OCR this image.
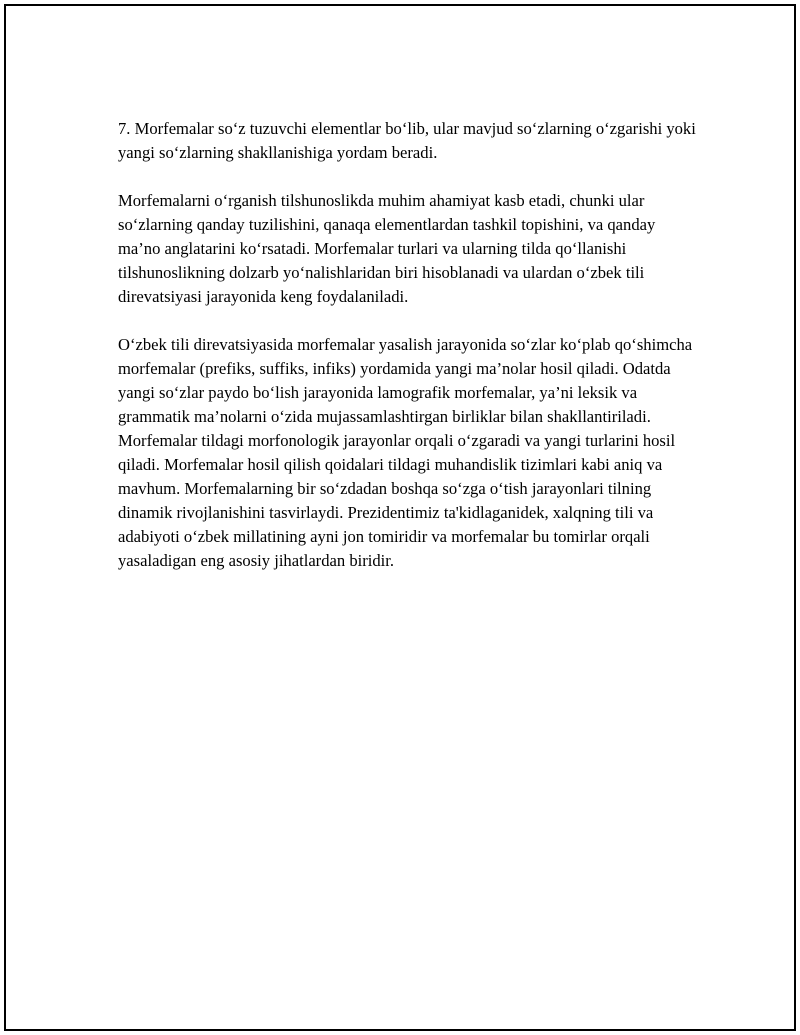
7. Morfemalar so‘z tuzuvchi elementlar bo‘lib, ular mavjud so‘zlarning o‘zgarishi yoki yangi so‘zlarning shakllanishiga yordam beradi.

Morfemalarni o‘rganish tilshunoslikda muhim ahamiyat kasb etadi, chunki ular so‘zlarning qanday tuzilishini, qanaqa elementlardan tashkil topishini, va qanday ma’no anglatarini ko‘rsatadi. Morfemalar turlari va ularning tilda qo‘llanishi tilshunoslikning dolzarb yo‘nalishlaridan biri hisoblanadi va ulardan o‘zbek tili direvatsiyasi jarayonida keng foydalaniladi.

O‘zbek tili direvatsiyasida morfemalar yasalish jarayonida so‘zlar ko‘plab qo‘shimcha morfemalar (prefiks, suffiks, infiks) yordamida yangi ma’nolar hosil qiladi. Odatda yangi so‘zlar paydo bo‘lish jarayonida lamografik morfemalar, ya’ni leksik va grammatik ma’nolarni o‘zida mujassamlashtirgan birliklar bilan shakllantiriladi. Morfemalar tildagi morfonologik jarayonlar orqali o‘zgaradi va yangi turlarini hosil qiladi. Morfemalar hosil qilish qoidalari tildagi muhandislik tizimlari kabi aniq va mavhum. Morfemalarning bir so‘zdadan boshqa so‘zga o‘tish jarayonlari tilning dinamik rivojlanishini tasvirlaydi. Prezidentimiz ta'kidlaganidek, xalqning tili va adabiyoti o‘zbek millatining ayni jon tomiridir va morfemalar bu tomirlar orqali yasaladigan eng asosiy jihatlardan biridir.
